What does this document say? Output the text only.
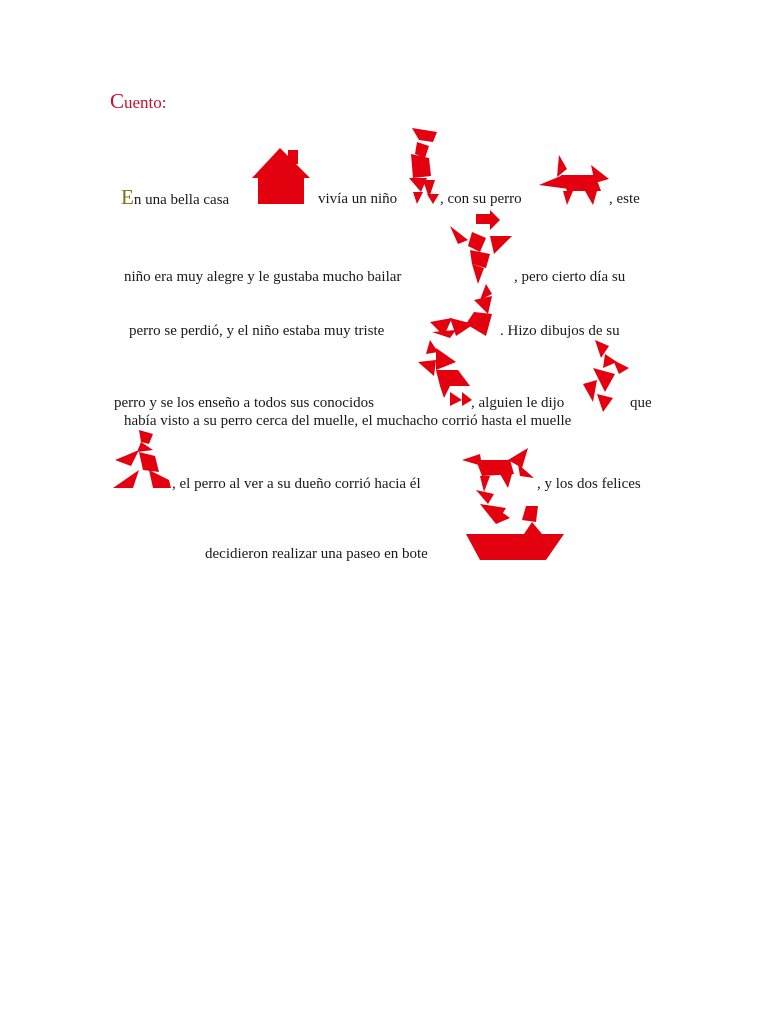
Cuento:
En una bella casa	vivía un niño	, con su perro	, este
niño era muy alegre y le gustaba mucho bailar	, pero cierto día su
perro se perdió, y el niño estaba muy triste	. Hizo dibujos de su
perro y se los enseño a todos sus conocidos	, alguien le dijo	que
había visto a su perro cerca del muelle, el muchacho corrió hasta el muelle
, el perro al ver a su dueño corrió hacia él	, y los dos felices
decidieron realizar una paseo en bote
